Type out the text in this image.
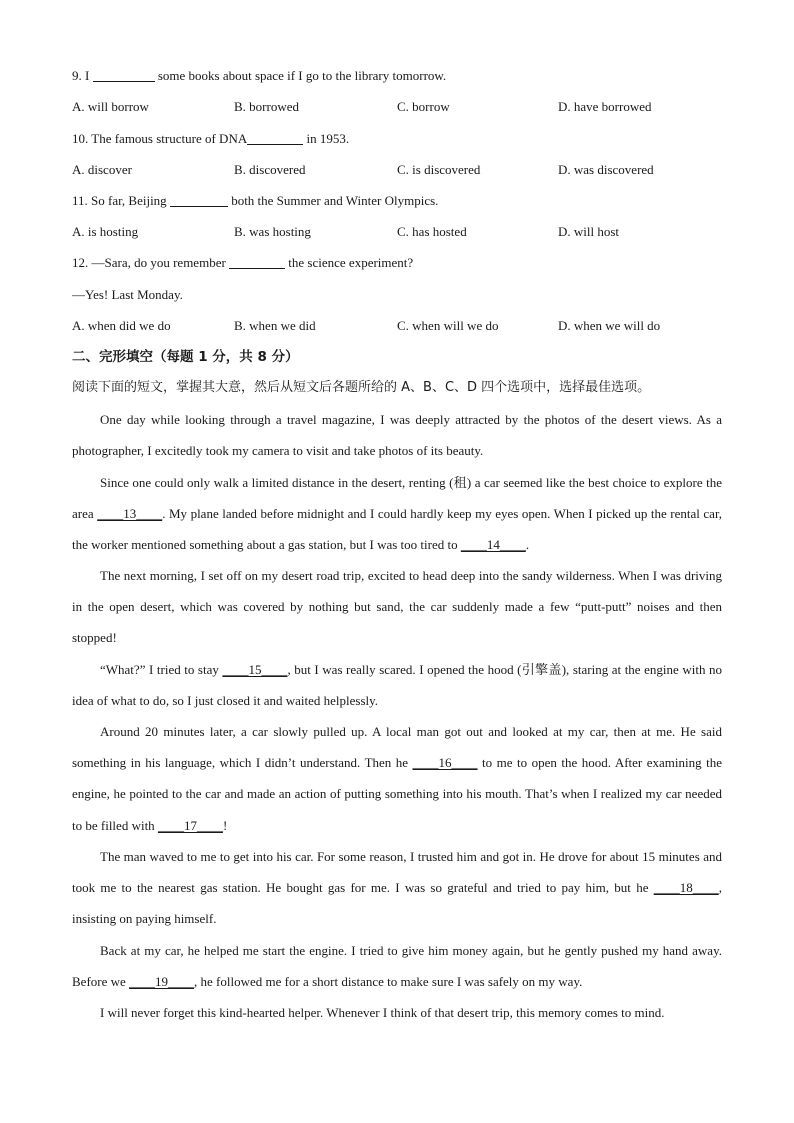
9. I	some books about space if I go to the library tomorrow.
A. will borrow	B. borrowed	C. borrow	D. have borrowed
10. The famous structure of DNA	in 1953.
A. discover	B. discovered	C. is discovered	D. was discovered
11. So far, Beijing	both the Summer and Winter Olympics.
A. is hosting	B. was hosting	C. has hosted	D. will host
12. —Sara, do you remember	the science experiment?
—Yes! Last Monday.
A. when did we do	B. when we did	C. when will we do	D. when we will do
二、完形填空（每题 1 分，共 8 分）
阅读下面的短文，掌握其大意，然后从短文后各题所给的 A、B、C、D 四个选项中，选择最佳选项。

One day while looking through a travel magazine, I was deeply attracted by the photos of the desert views. As a photographer, I excitedly took my camera to visit and take photos of its beauty.

Since one could only walk a limited distance in the desert, renting (租) a car seemed like the best choice to explore the area ____13____. My plane landed before midnight and I could hardly keep my eyes open. When I picked up the rental car, the worker mentioned something about a gas station, but I was too tired to ____14____.

The next morning, I set off on my desert road trip, excited to head deep into the sandy wilderness. When I was driving in the open desert, which was covered by nothing but sand, the car suddenly made a few “putt-putt” noises and then stopped!

“What?” I tried to stay ____15____, but I was really scared. I opened the hood (引擎盖), staring at the engine with no idea of what to do, so I just closed it and waited helplessly.

Around 20 minutes later, a car slowly pulled up. A local man got out and looked at my car, then at me. He said something in his language, which I didn’t understand. Then he ____16____ to me to open the hood. After examining the engine, he pointed to the car and made an action of putting something into his mouth. That’s when I realized my car needed to be filled with ____17____!

The man waved to me to get into his car. For some reason, I trusted him and got in. He drove for about 15 minutes and took me to the nearest gas station. He bought gas for me. I was so grateful and tried to pay him, but he ____18____, insisting on paying himself.

Back at my car, he helped me start the engine. I tried to give him money again, but he gently pushed my hand away. Before we ____19____, he followed me for a short distance to make sure I was safely on my way.

I will never forget this kind-hearted helper. Whenever I think of that desert trip, this memory comes to mind.
